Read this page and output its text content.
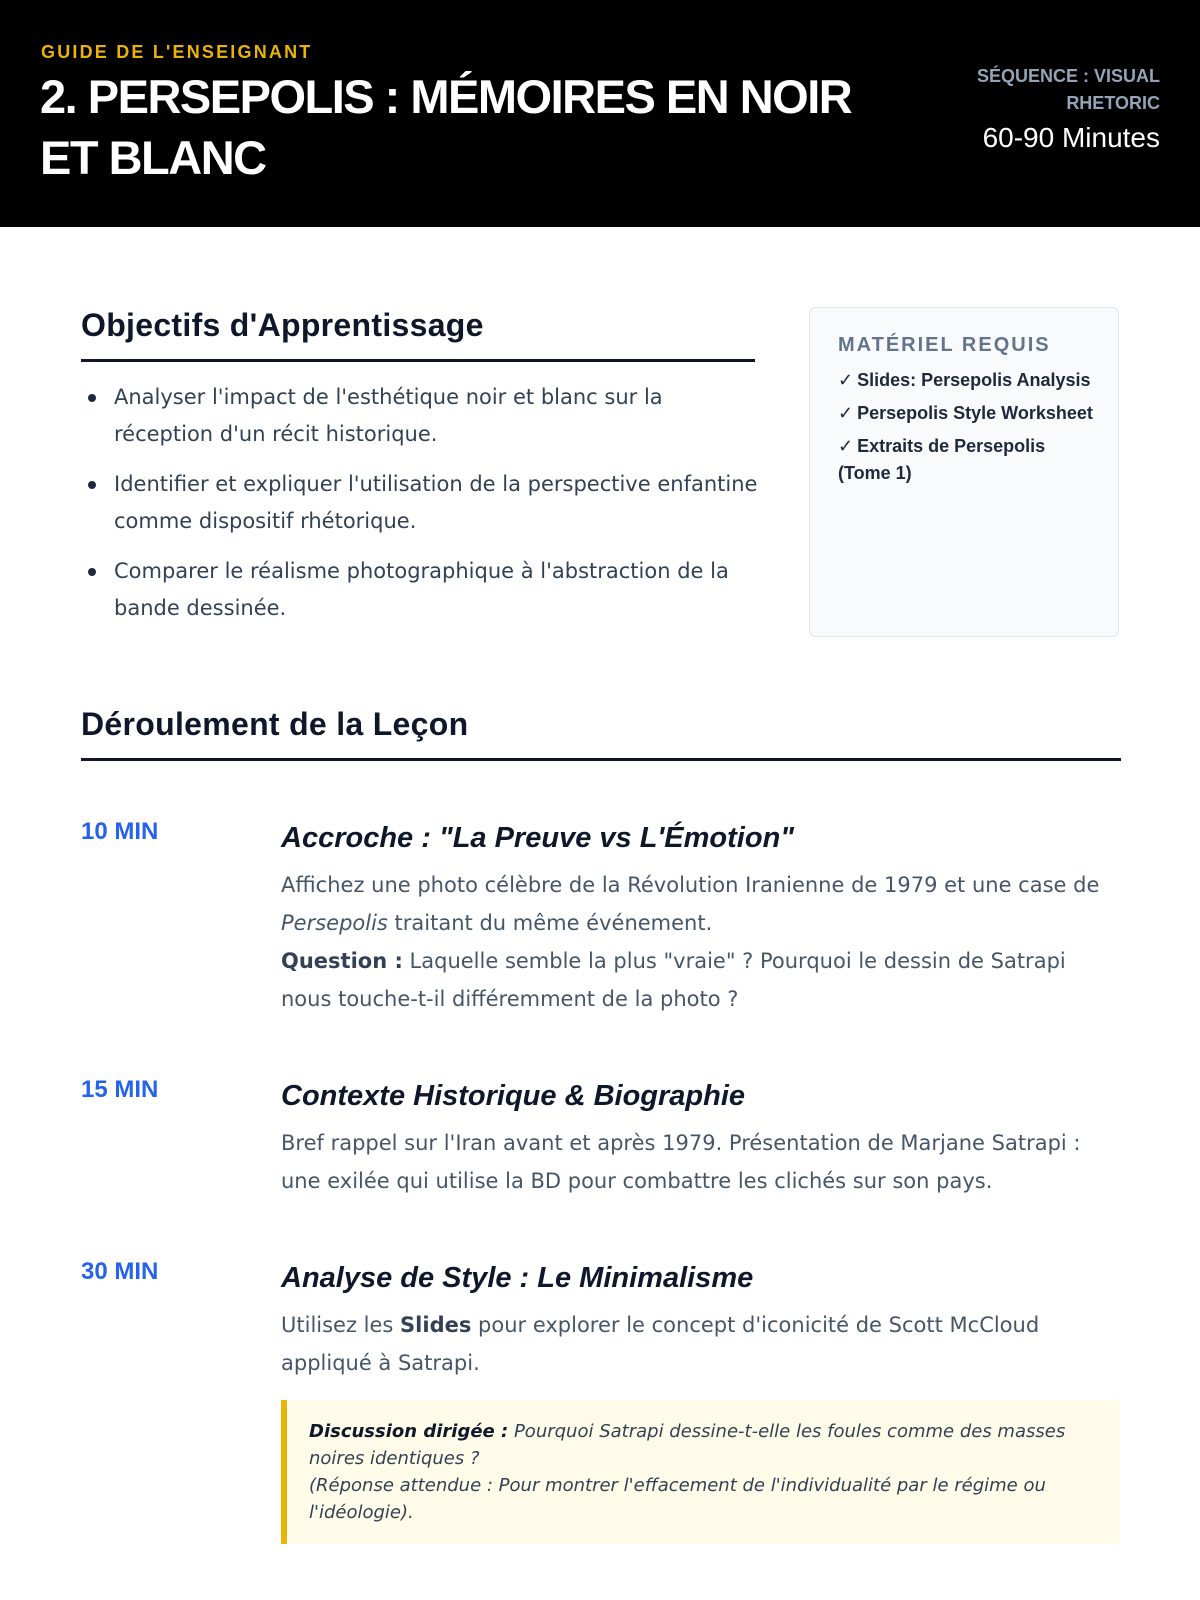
GUIDE DE L'ENSEIGNANT
2. PERSEPOLIS : MÉMOIRES EN NOIR ET BLANC
SÉQUENCE : VISUAL RHETORIC
60-90 Minutes
Objectifs d'Apprentissage
Analyser l'impact de l'esthétique noir et blanc sur la réception d'un récit historique.
Identifier et expliquer l'utilisation de la perspective enfantine comme dispositif rhétorique.
Comparer le réalisme photographique à l'abstraction de la bande dessinée.
MATÉRIEL REQUIS
✓ Slides: Persepolis Analysis
✓ Persepolis Style Worksheet
✓ Extraits de Persepolis (Tome 1)
Déroulement de la Leçon
10 MIN	Accroche : "La Preuve vs L'Émotion"

Affichez une photo célèbre de la Révolution Iranienne de 1979 et une case de Persepolis traitant du même événement.

Question : Laquelle semble la plus "vraie" ? Pourquoi le dessin de Satrapi nous touche-t-il différemment de la photo ?

15 MIN	Contexte Historique & Biographie

Bref rappel sur l'Iran avant et après 1979. Présentation de Marjane Satrapi : une exilée qui utilise la BD pour combattre les clichés sur son pays.

30 MIN	Analyse de Style : Le Minimalisme

Utilisez les Slides pour explorer le concept d'iconicité de Scott McCloud appliqué à Satrapi.

Discussion dirigée : Pourquoi Satrapi dessine-t-elle les foules comme des masses noires identiques ?
(Réponse attendue : Pour montrer l'effacement de l'individualité par le régime ou l'idéologie).
